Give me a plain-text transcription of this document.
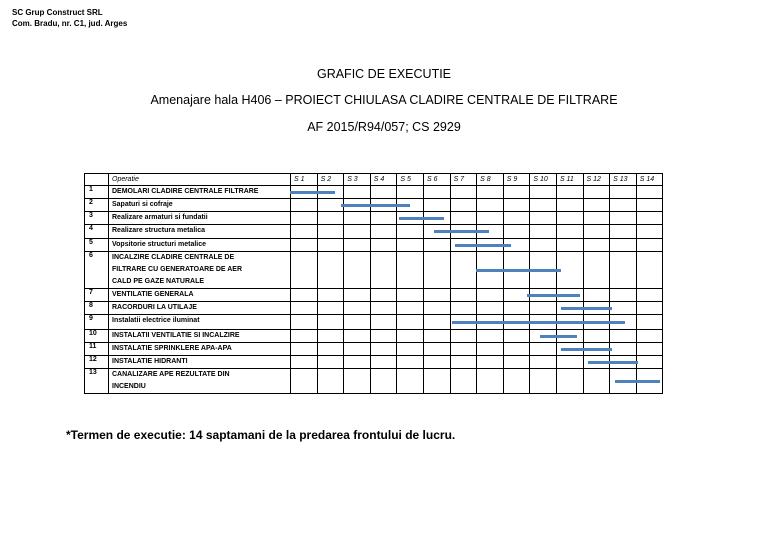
SC Grup Construct SRL
Com. Bradu, nr. C1, jud. Arges
GRAFIC DE EXECUTIE
Amenajare hala H406 – PROIECT CHIULASA CLADIRE CENTRALE DE FILTRARE
AF 2015/R94/057; CS 2929
	Operatie	S 1	S 2	S 3	S 4	S 5	S 6	S 7	S 8	S 9	S 10	S 11	S 12	S 13	S 14
1	DEMOLARI CLADIRE CENTRALE FILTRARE														

2	Sapaturi si cofraje														

3	Realizare armaturi si fundatii														

4	Realizare structura metalica														

5	Vopsitorie structuri metalice														

6	INCALZIRE CLADIRE CENTRALE DE
FILTRARE CU GENERATOARE DE AER
CALD PE GAZE NATURALE														

7	VENTILATIE GENERALA														

8	RACORDURI LA UTILAJE														

9	Instalatii electrice iluminat														

10	INSTALATII VENTILATIE SI INCALZIRE														

11	INSTALATIE SPRINKLERE APA-APA														

12	INSTALATIE HIDRANTI														

13	CANALIZARE APE REZULTATE DIN
INCENDIU														

*Termen de executie: 14 saptamani de la predarea frontului de lucru.
